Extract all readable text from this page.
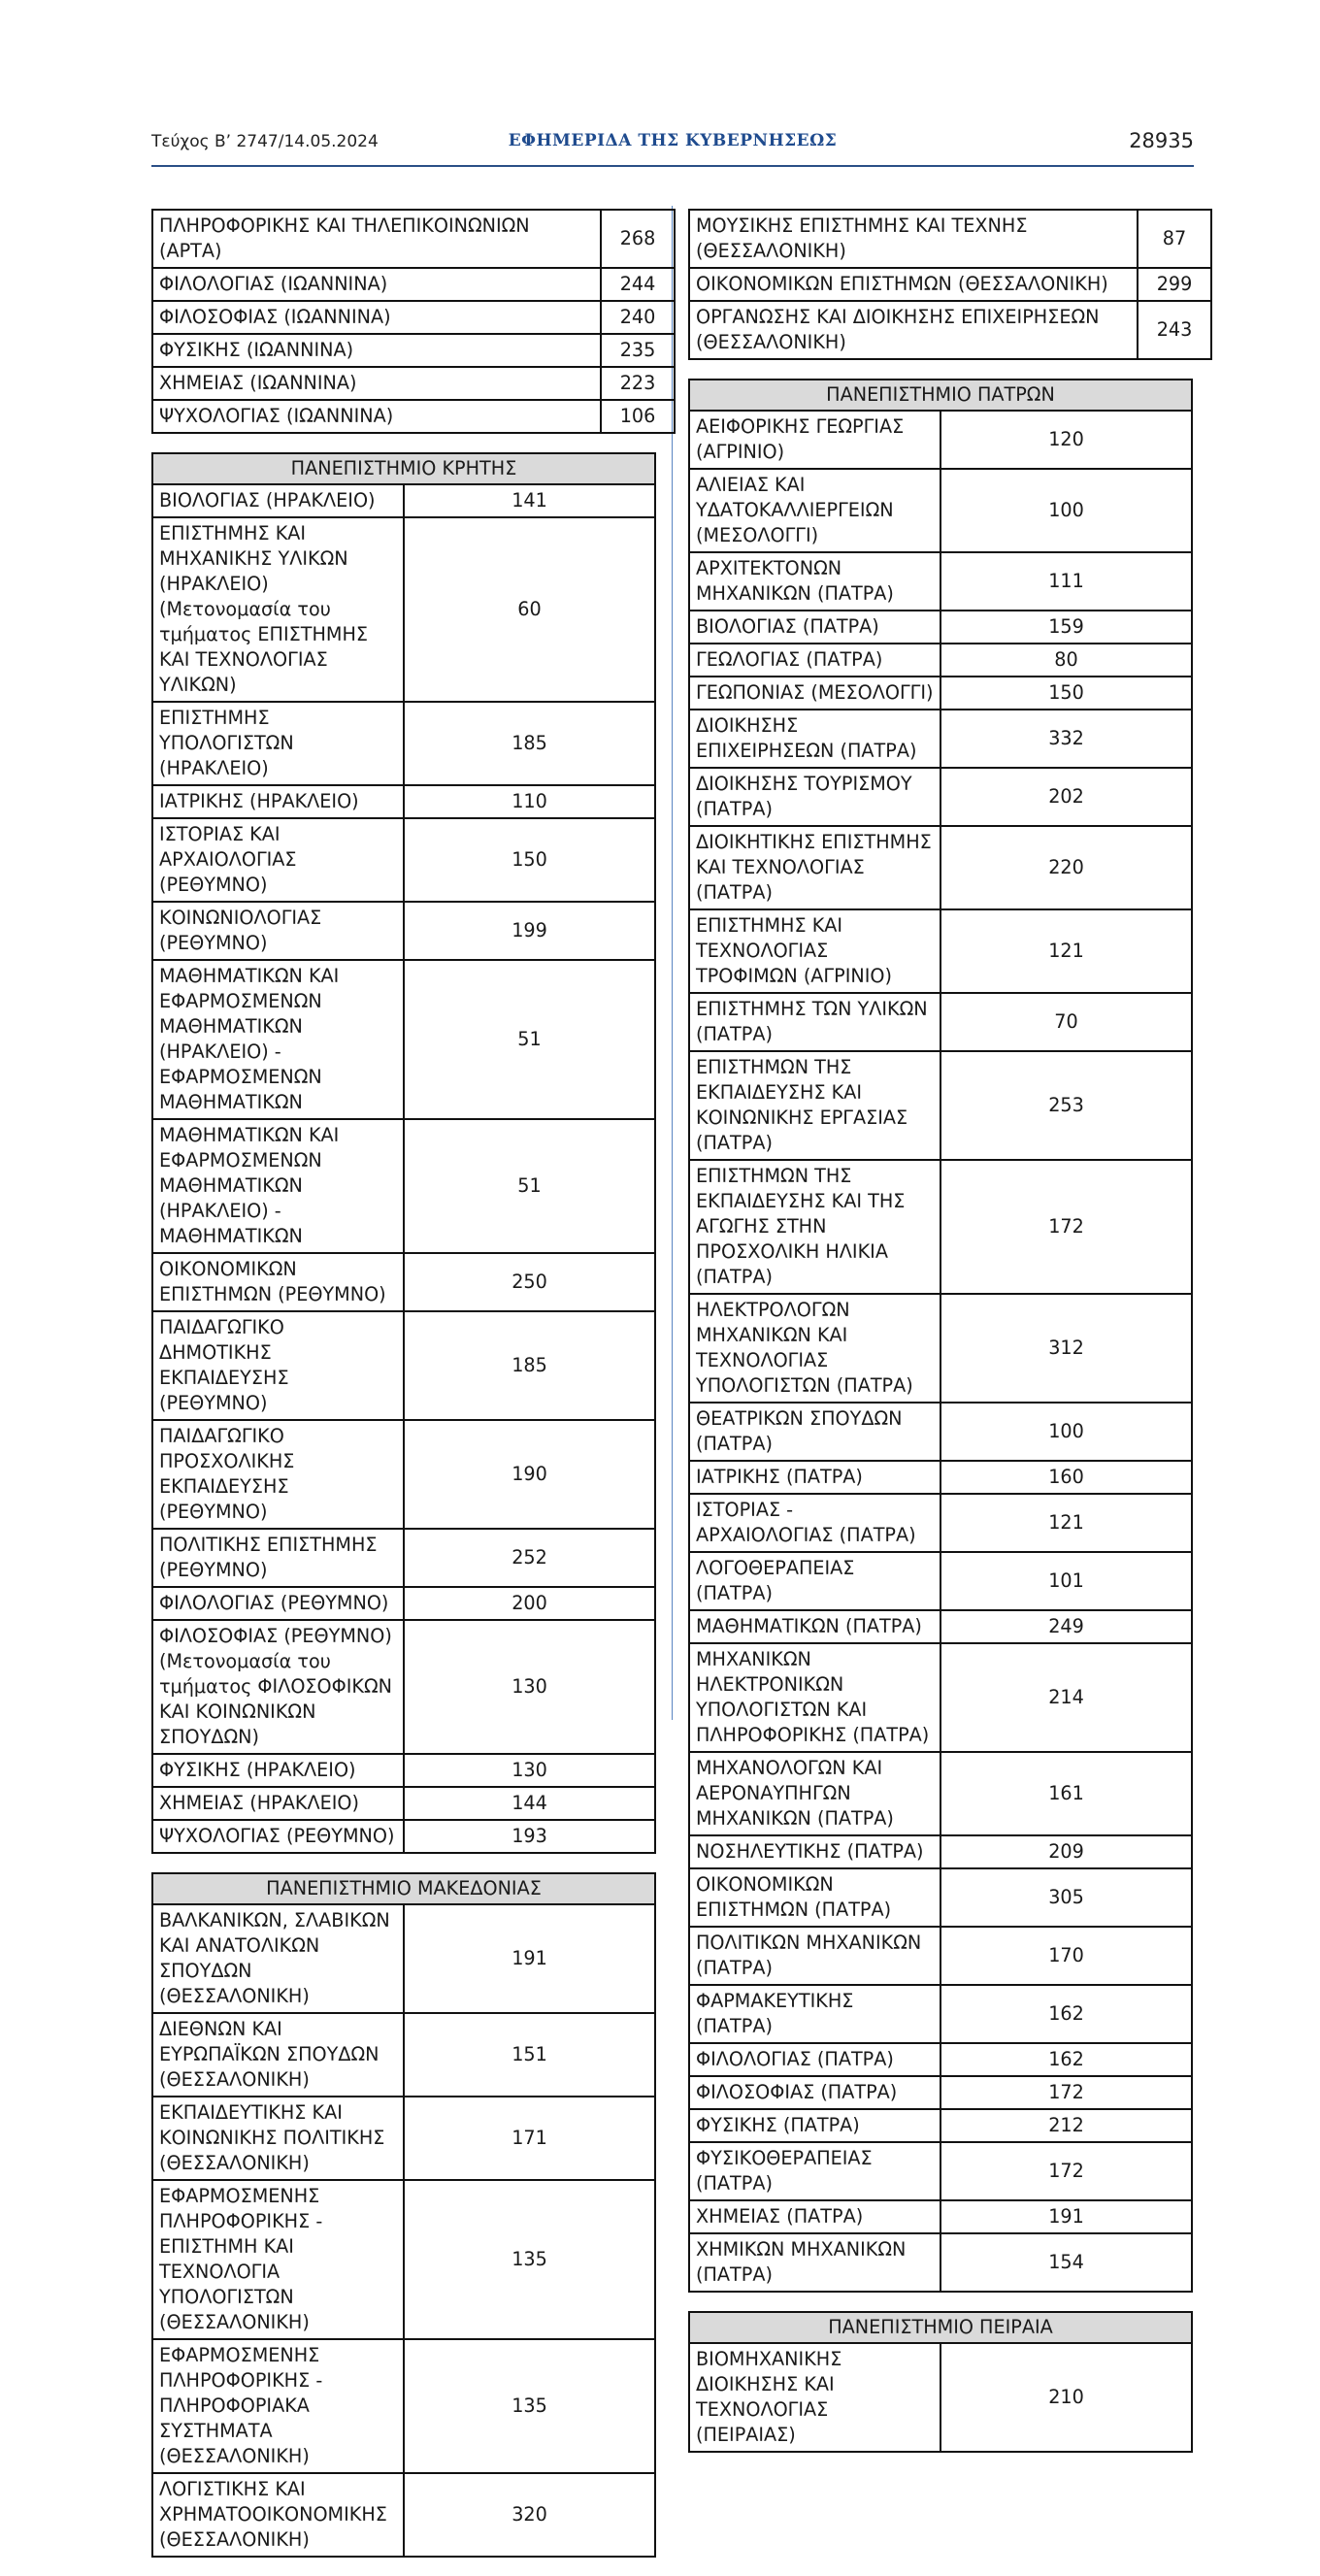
Τεύχος Β’ 2747/14.05.2024	ΕΦΗΜΕΡΙΔΑ ΤΗΣ ΚΥΒΕΡΝΗΣΕΩΣ	28935
ΠΛΗΡΟΦΟΡΙΚΗΣ ΚΑΙ ΤΗΛΕΠΙΚΟΙΝΩΝΙΩΝ (ΑΡΤΑ)	268
ΦΙΛΟΛΟΓΙΑΣ (ΙΩΑΝΝΙΝΑ)	244
ΦΙΛΟΣΟΦΙΑΣ (ΙΩΑΝΝΙΝΑ)	240
ΦΥΣΙΚΗΣ (ΙΩΑΝΝΙΝΑ)	235
ΧΗΜΕΙΑΣ (ΙΩΑΝΝΙΝΑ)	223
ΨΥΧΟΛΟΓΙΑΣ (ΙΩΑΝΝΙΝΑ)	106
ΠΑΝΕΠΙΣΤΗΜΙΟ ΚΡΗΤΗΣ	
ΒΙΟΛΟΓΙΑΣ (ΗΡΑΚΛΕΙΟ)	141
ΕΠΙΣΤΗΜΗΣ ΚΑΙ ΜΗΧΑΝΙΚΗΣ ΥΛΙΚΩΝ (ΗΡΑΚΛΕΙΟ) (Μετονομασία του τμήματος ΕΠΙΣΤΗΜΗΣ ΚΑΙ ΤΕΧΝΟΛΟΓΙΑΣ ΥΛΙΚΩΝ)	60
ΕΠΙΣΤΗΜΗΣ ΥΠΟΛΟΓΙΣΤΩΝ (ΗΡΑΚΛΕΙΟ)	185
ΙΑΤΡΙΚΗΣ (ΗΡΑΚΛΕΙΟ)	110
ΙΣΤΟΡΙΑΣ ΚΑΙ ΑΡΧΑΙΟΛΟΓΙΑΣ (ΡΕΘΥΜΝΟ)	150
ΚΟΙΝΩΝΙΟΛΟΓΙΑΣ (ΡΕΘΥΜΝΟ)	199
ΜΑΘΗΜΑΤΙΚΩΝ ΚΑΙ ΕΦΑΡΜΟΣΜΕΝΩΝ ΜΑΘΗΜΑΤΙΚΩΝ (ΗΡΑΚΛΕΙΟ) - ΕΦΑΡΜΟΣΜΕΝΩΝ ΜΑΘΗΜΑΤΙΚΩΝ	51
ΜΑΘΗΜΑΤΙΚΩΝ ΚΑΙ ΕΦΑΡΜΟΣΜΕΝΩΝ ΜΑΘΗΜΑΤΙΚΩΝ (ΗΡΑΚΛΕΙΟ) - ΜΑΘΗΜΑΤΙΚΩΝ	51
ΟΙΚΟΝΟΜΙΚΩΝ ΕΠΙΣΤΗΜΩΝ (ΡΕΘΥΜΝΟ)	250
ΠΑΙΔΑΓΩΓΙΚΟ ΔΗΜΟΤΙΚΗΣ ΕΚΠΑΙΔΕΥΣΗΣ (ΡΕΘΥΜΝΟ)	185
ΠΑΙΔΑΓΩΓΙΚΟ ΠΡΟΣΧΟΛΙΚΗΣ ΕΚΠΑΙΔΕΥΣΗΣ (ΡΕΘΥΜΝΟ)	190
ΠΟΛΙΤΙΚΗΣ ΕΠΙΣΤΗΜΗΣ (ΡΕΘΥΜΝΟ)	252
ΦΙΛΟΛΟΓΙΑΣ (ΡΕΘΥΜΝΟ)	200
ΦΙΛΟΣΟΦΙΑΣ (ΡΕΘΥΜΝΟ) (Μετονομασία του τμήματος ΦΙΛΟΣΟΦΙΚΩΝ ΚΑΙ ΚΟΙΝΩΝΙΚΩΝ ΣΠΟΥΔΩΝ)	130
ΦΥΣΙΚΗΣ (ΗΡΑΚΛΕΙΟ)	130
ΧΗΜΕΙΑΣ (ΗΡΑΚΛΕΙΟ)	144
ΨΥΧΟΛΟΓΙΑΣ (ΡΕΘΥΜΝΟ)	193
ΠΑΝΕΠΙΣΤΗΜΙΟ ΜΑΚΕΔΟΝΙΑΣ	
ΒΑΛΚΑΝΙΚΩΝ, ΣΛΑΒΙΚΩΝ ΚΑΙ ΑΝΑΤΟΛΙΚΩΝ ΣΠΟΥΔΩΝ (ΘΕΣΣΑΛΟΝΙΚΗ)	191
ΔΙΕΘΝΩΝ ΚΑΙ ΕΥΡΩΠΑΪΚΩΝ ΣΠΟΥΔΩΝ (ΘΕΣΣΑΛΟΝΙΚΗ)	151
ΕΚΠΑΙΔΕΥΤΙΚΗΣ ΚΑΙ ΚΟΙΝΩΝΙΚΗΣ ΠΟΛΙΤΙΚΗΣ (ΘΕΣΣΑΛΟΝΙΚΗ)	171
ΕΦΑΡΜΟΣΜΕΝΗΣ ΠΛΗΡΟΦΟΡΙΚΗΣ - ΕΠΙΣΤΗΜΗ ΚΑΙ ΤΕΧΝΟΛΟΓΙΑ ΥΠΟΛΟΓΙΣΤΩΝ (ΘΕΣΣΑΛΟΝΙΚΗ)	135
ΕΦΑΡΜΟΣΜΕΝΗΣ ΠΛΗΡΟΦΟΡΙΚΗΣ - ΠΛΗΡΟΦΟΡΙΑΚΑ ΣΥΣΤΗΜΑΤΑ (ΘΕΣΣΑΛΟΝΙΚΗ)	135
ΛΟΓΙΣΤΙΚΗΣ ΚΑΙ ΧΡΗΜΑΤΟΟΙΚΟΝΟΜΙΚΗΣ (ΘΕΣΣΑΛΟΝΙΚΗ)	320
ΜΟΥΣΙΚΗΣ ΕΠΙΣΤΗΜΗΣ ΚΑΙ ΤΕΧΝΗΣ (ΘΕΣΣΑΛΟΝΙΚΗ)	87
ΟΙΚΟΝΟΜΙΚΩΝ ΕΠΙΣΤΗΜΩΝ (ΘΕΣΣΑΛΟΝΙΚΗ)	299
ΟΡΓΑΝΩΣΗΣ ΚΑΙ ΔΙΟΙΚΗΣΗΣ ΕΠΙΧΕΙΡΗΣΕΩΝ (ΘΕΣΣΑΛΟΝΙΚΗ)	243
ΠΑΝΕΠΙΣΤΗΜΙΟ ΠΑΤΡΩΝ	
ΑΕΙΦΟΡΙΚΗΣ ΓΕΩΡΓΙΑΣ (ΑΓΡΙΝΙΟ)	120
ΑΛΙΕΙΑΣ ΚΑΙ ΥΔΑΤΟΚΑΛΛΙΕΡΓΕΙΩΝ (ΜΕΣΟΛΟΓΓΙ)	100
ΑΡΧΙΤΕΚΤΟΝΩΝ ΜΗΧΑΝΙΚΩΝ (ΠΑΤΡΑ)	111
ΒΙΟΛΟΓΙΑΣ (ΠΑΤΡΑ)	159
ΓΕΩΛΟΓΙΑΣ (ΠΑΤΡΑ)	80
ΓΕΩΠΟΝΙΑΣ (ΜΕΣΟΛΟΓΓΙ)	150
ΔΙΟΙΚΗΣΗΣ ΕΠΙΧΕΙΡΗΣΕΩΝ (ΠΑΤΡΑ)	332
ΔΙΟΙΚΗΣΗΣ ΤΟΥΡΙΣΜΟΥ (ΠΑΤΡΑ)	202
ΔΙΟΙΚΗΤΙΚΗΣ ΕΠΙΣΤΗΜΗΣ ΚΑΙ ΤΕΧΝΟΛΟΓΙΑΣ (ΠΑΤΡΑ)	220
ΕΠΙΣΤΗΜΗΣ ΚΑΙ ΤΕΧΝΟΛΟΓΙΑΣ ΤΡΟΦΙΜΩΝ (ΑΓΡΙΝΙΟ)	121
ΕΠΙΣΤΗΜΗΣ ΤΩΝ ΥΛΙΚΩΝ (ΠΑΤΡΑ)	70
ΕΠΙΣΤΗΜΩΝ ΤΗΣ ΕΚΠΑΙΔΕΥΣΗΣ ΚΑΙ ΚΟΙΝΩΝΙΚΗΣ ΕΡΓΑΣΙΑΣ (ΠΑΤΡΑ)	253
ΕΠΙΣΤΗΜΩΝ ΤΗΣ ΕΚΠΑΙΔΕΥΣΗΣ ΚΑΙ ΤΗΣ ΑΓΩΓΗΣ ΣΤΗΝ ΠΡΟΣΧΟΛΙΚΗ ΗΛΙΚΙΑ (ΠΑΤΡΑ)	172
ΗΛΕΚΤΡΟΛΟΓΩΝ ΜΗΧΑΝΙΚΩΝ ΚΑΙ ΤΕΧΝΟΛΟΓΙΑΣ ΥΠΟΛΟΓΙΣΤΩΝ (ΠΑΤΡΑ)	312
ΘΕΑΤΡΙΚΩΝ ΣΠΟΥΔΩΝ (ΠΑΤΡΑ)	100
ΙΑΤΡΙΚΗΣ (ΠΑΤΡΑ)	160
ΙΣΤΟΡΙΑΣ - ΑΡΧΑΙΟΛΟΓΙΑΣ (ΠΑΤΡΑ)	121
ΛΟΓΟΘΕΡΑΠΕΙΑΣ (ΠΑΤΡΑ)	101
ΜΑΘΗΜΑΤΙΚΩΝ (ΠΑΤΡΑ)	249
ΜΗΧΑΝΙΚΩΝ ΗΛΕΚΤΡΟΝΙΚΩΝ ΥΠΟΛΟΓΙΣΤΩΝ ΚΑΙ ΠΛΗΡΟΦΟΡΙΚΗΣ (ΠΑΤΡΑ)	214
ΜΗΧΑΝΟΛΟΓΩΝ ΚΑΙ ΑΕΡΟΝΑΥΠΗΓΩΝ ΜΗΧΑΝΙΚΩΝ (ΠΑΤΡΑ)	161
ΝΟΣΗΛΕΥΤΙΚΗΣ (ΠΑΤΡΑ)	209
ΟΙΚΟΝΟΜΙΚΩΝ ΕΠΙΣΤΗΜΩΝ (ΠΑΤΡΑ)	305
ΠΟΛΙΤΙΚΩΝ ΜΗΧΑΝΙΚΩΝ (ΠΑΤΡΑ)	170
ΦΑΡΜΑΚΕΥΤΙΚΗΣ (ΠΑΤΡΑ)	162
ΦΙΛΟΛΟΓΙΑΣ (ΠΑΤΡΑ)	162
ΦΙΛΟΣΟΦΙΑΣ (ΠΑΤΡΑ)	172
ΦΥΣΙΚΗΣ (ΠΑΤΡΑ)	212
ΦΥΣΙΚΟΘΕΡΑΠΕΙΑΣ (ΠΑΤΡΑ)	172
ΧΗΜΕΙΑΣ (ΠΑΤΡΑ)	191
ΧΗΜΙΚΩΝ ΜΗΧΑΝΙΚΩΝ (ΠΑΤΡΑ)	154
ΠΑΝΕΠΙΣΤΗΜΙΟ ΠΕΙΡΑΙΑ
ΒΙΟΜΗΧΑΝΙΚΗΣ ΔΙΟΙΚΗΣΗΣ ΚΑΙ ΤΕΧΝΟΛΟΓΙΑΣ (ΠΕΙΡΑΙΑΣ)	210
